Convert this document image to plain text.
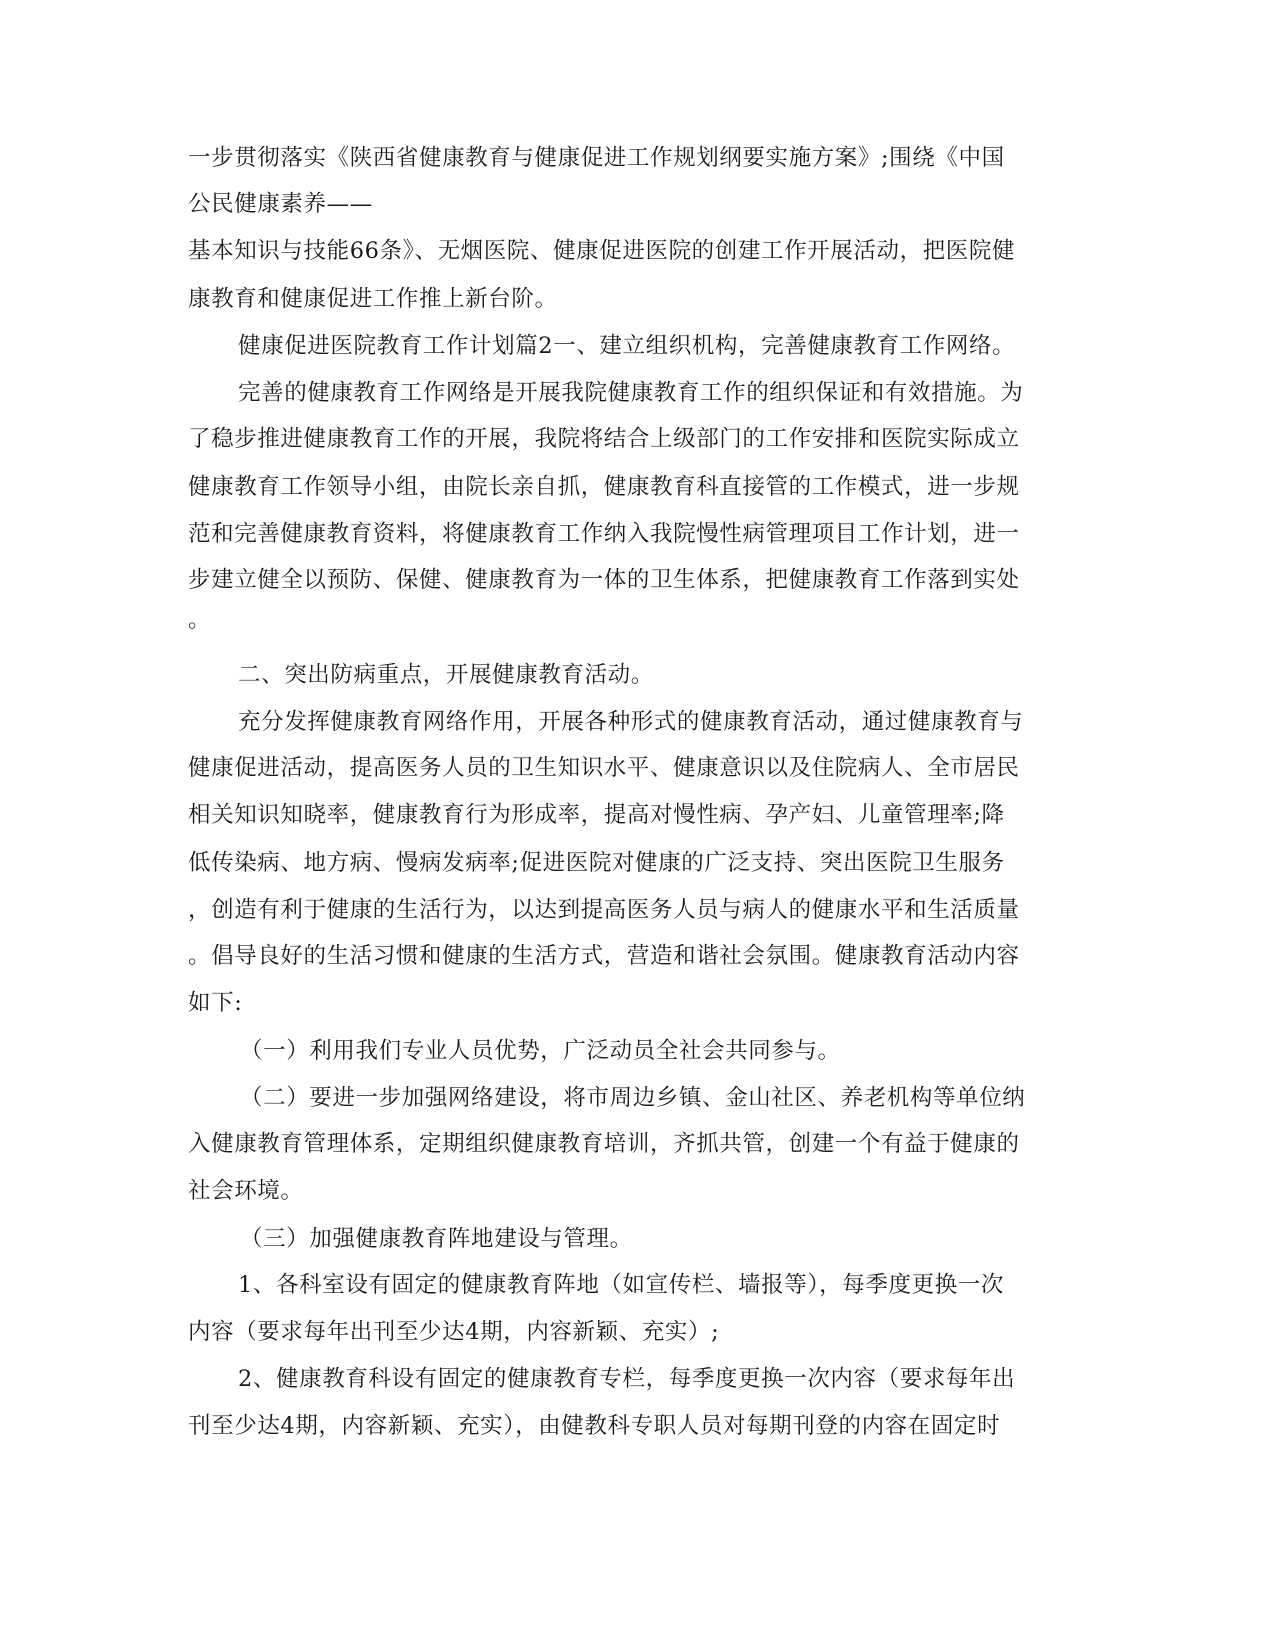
一步贯彻落实《陕西省健康教育与健康促进工作规划纲要实施方案》;围绕《中国
公民健康素养——
基本知识与技能66条》、无烟医院、健康促进医院的创建工作开展活动，把医院健
康教育和健康促进工作推上新台阶。
健康促进医院教育工作计划篇2一、建立组织机构，完善健康教育工作网络。
完善的健康教育工作网络是开展我院健康教育工作的组织保证和有效措施。为
了稳步推进健康教育工作的开展，我院将结合上级部门的工作安排和医院实际成立
健康教育工作领导小组，由院长亲自抓，健康教育科直接管的工作模式，进一步规
范和完善健康教育资料，将健康教育工作纳入我院慢性病管理项目工作计划，进一
步建立健全以预防、保健、健康教育为一体的卫生体系，把健康教育工作落到实处
。
二、突出防病重点，开展健康教育活动。
充分发挥健康教育网络作用，开展各种形式的健康教育活动，通过健康教育与
健康促进活动，提高医务人员的卫生知识水平、健康意识以及住院病人、全市居民
相关知识知晓率，健康教育行为形成率，提高对慢性病、孕产妇、儿童管理率;降
低传染病、地方病、慢病发病率;促进医院对健康的广泛支持、突出医院卫生服务
，创造有利于健康的生活行为，以达到提高医务人员与病人的健康水平和生活质量
。倡导良好的生活习惯和健康的生活方式，营造和谐社会氛围。健康教育活动内容
如下:
（一）利用我们专业人员优势，广泛动员全社会共同参与。
（二）要进一步加强网络建设，将市周边乡镇、金山社区、养老机构等单位纳
入健康教育管理体系，定期组织健康教育培训，齐抓共管，创建一个有益于健康的
社会环境。
（三）加强健康教育阵地建设与管理。
1、各科室设有固定的健康教育阵地（如宣传栏、墙报等），每季度更换一次
内容（要求每年出刊至少达4期，内容新颖、充实）;
2、健康教育科设有固定的健康教育专栏，每季度更换一次内容（要求每年出
刊至少达4期，内容新颖、充实），由健教科专职人员对每期刊登的内容在固定时
